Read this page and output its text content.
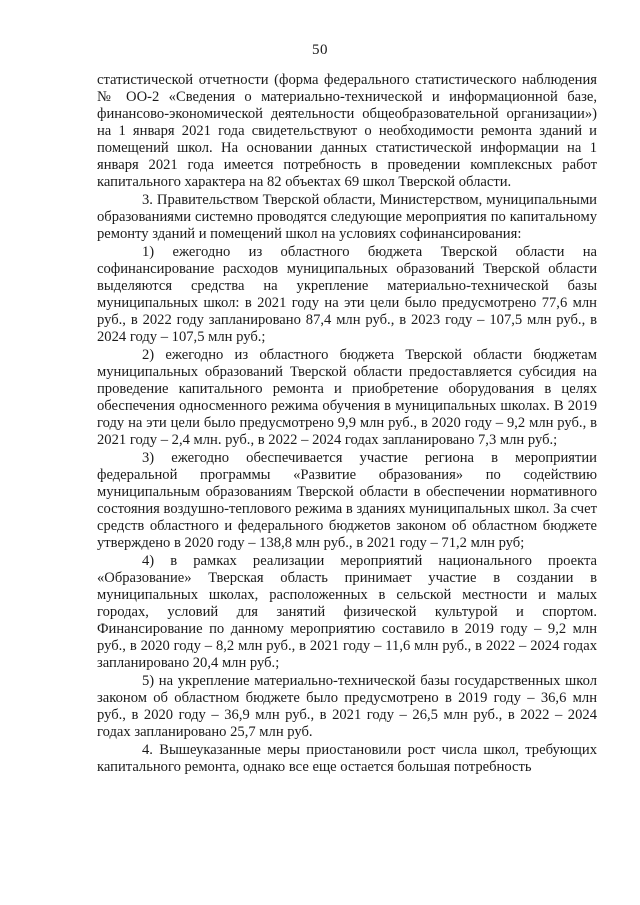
50

статистической отчетности (форма федерального статистического наблюдения № ОО-2 «Сведения о материально-технической и информационной базе, финансово-экономической деятельности общеобразовательной организации») на 1 января 2021 года свидетельствуют о необходимости ремонта зданий и помещений школ. На основании данных статистической информации на 1 января 2021 года имеется потребность в проведении комплексных работ капитального характера на 82 объектах 69 школ Тверской области.

3. Правительством Тверской области, Министерством, муниципальными образованиями системно проводятся следующие мероприятия по капитальному ремонту зданий и помещений школ на условиях софинансирования:

1) ежегодно из областного бюджета Тверской области на софинансирование расходов муниципальных образований Тверской области выделяются средства на укрепление материально-технической базы муниципальных школ: в 2021 году на эти цели было предусмотрено 77,6 млн руб., в 2022 году запланировано 87,4 млн руб., в 2023 году – 107,5 млн руб., в 2024 году – 107,5 млн руб.;

2) ежегодно из областного бюджета Тверской области бюджетам муниципальных образований Тверской области предоставляется субсидия на проведение капитального ремонта и приобретение оборудования в целях обеспечения односменного режима обучения в муниципальных школах. В 2019 году на эти цели было предусмотрено 9,9 млн руб., в 2020 году – 9,2 млн руб., в 2021 году – 2,4 млн. руб., в 2022 – 2024 годах запланировано 7,3 млн руб.;

3) ежегодно обеспечивается участие региона в мероприятии федеральной программы «Развитие образования» по содействию муниципальным образованиям Тверской области в обеспечении нормативного состояния воздушно-теплового режима в зданиях муниципальных школ. За счет средств областного и федерального бюджетов законом об областном бюджете утверждено в 2020 году – 138,8 млн руб., в 2021 году – 71,2 млн руб;

4) в рамках реализации мероприятий национального проекта «Образование» Тверская область принимает участие в создании в муниципальных школах, расположенных в сельской местности и малых городах, условий для занятий физической культурой и спортом. Финансирование по данному мероприятию составило в 2019 году – 9,2 млн руб., в 2020 году – 8,2 млн руб., в 2021 году – 11,6 млн руб., в 2022 – 2024 годах запланировано 20,4 млн руб.;

5) на укрепление материально-технической базы государственных школ законом об областном бюджете было предусмотрено в 2019 году – 36,6 млн руб., в 2020 году – 36,9 млн руб., в 2021 году – 26,5 млн руб., в 2022 – 2024 годах запланировано 25,7 млн руб.

4. Вышеуказанные меры приостановили рост числа школ, требующих капитального ремонта, однако все еще остается большая потребность
